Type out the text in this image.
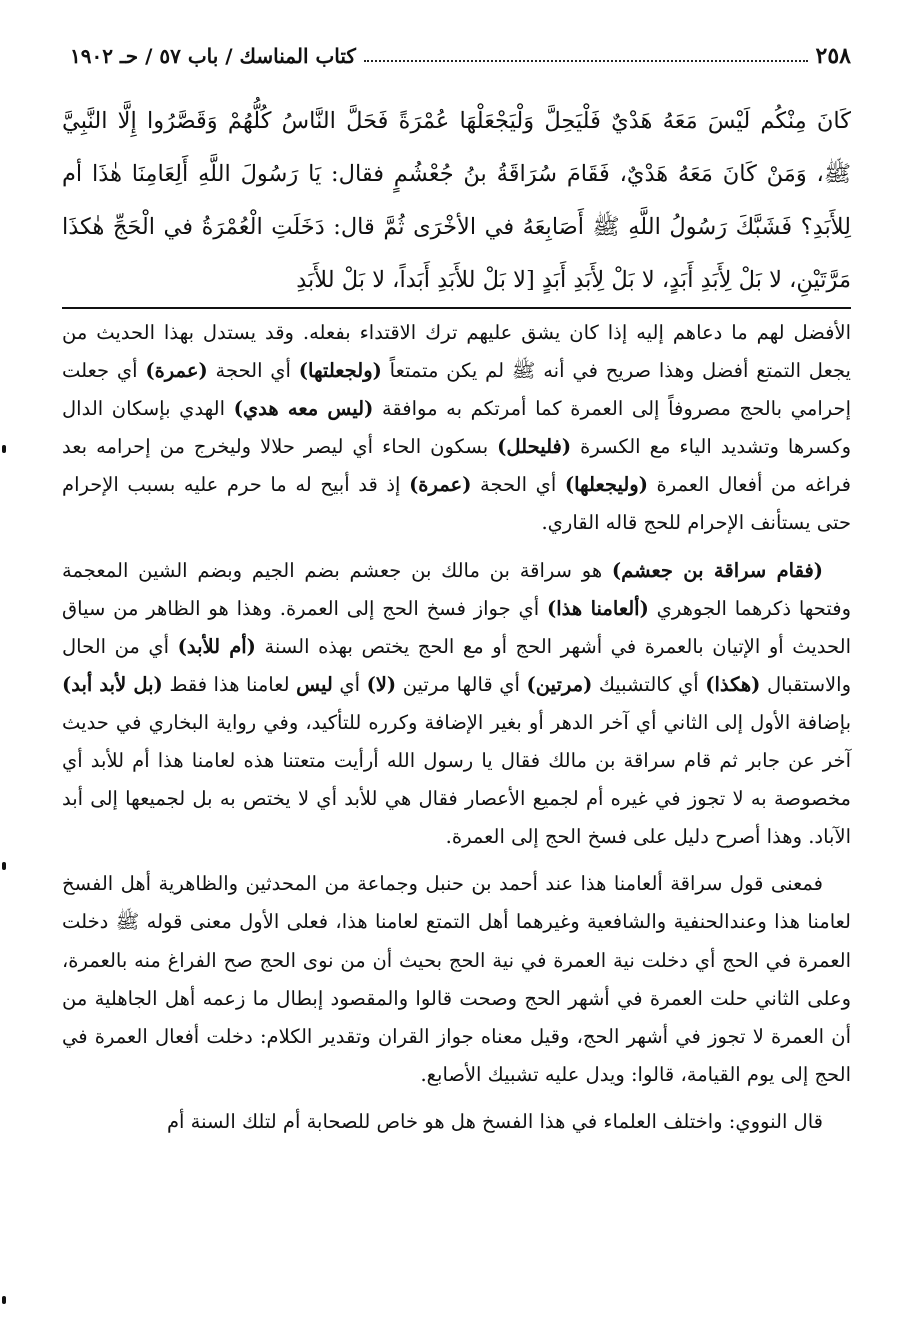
٢٥٨
كتاب المناسك / باب ٥٧ / حـ ١٩٠٢
كَانَ مِنْكُم لَيْسَ مَعَهُ هَدْيٌ فَلْيَحِلَّ وَلْيَجْعَلْهَا عُمْرَةً فَحَلَّ النَّاسُ كُلُّهُمْ وَقَصَّرُوا إِلَّا النَّبِيَّ ﷺ، وَمَنْ كَانَ مَعَهُ هَدْيٌ، فَقَامَ سُرَاقَةُ بنُ جُعْشُمٍ فقال: يَا رَسُولَ اللَّهِ أَلِعَامِنَا هٰذَا أم لِلأَبَدِ؟ فَشَبَّكَ رَسُولُ اللَّهِ ﷺ أَصَابِعَهُ في الأخْرَى ثُمَّ قال: دَخَلَتِ الْعُمْرَةُ في الْحَجِّ هٰكذَا مَرَّتَيْنِ، لا بَلْ لِأَبَدِ أَبَدٍ، لا بَلْ لِأَبَدِ أَبَدٍ [لا بَلْ للأَبَدِ أَبَداً، لا بَلْ للأَبَدِ

الأفضل لهم ما دعاهم إليه إذا كان يشق عليهم ترك الاقتداء بفعله. وقد يستدل بهذا الحديث من يجعل التمتع أفضل وهذا صريح في أنه ﷺ لم يكن متمتعاً (ولجعلتها) أي الحجة (عمرة) أي جعلت إحرامي بالحج مصروفاً إلى العمرة كما أمرتكم به موافقة (ليس معه هدي) الهدي بإسكان الدال وكسرها وتشديد الياء مع الكسرة (فليحلل) بسكون الحاء أي ليصر حلالا وليخرج من إحرامه بعد فراغه من أفعال العمرة (وليجعلها) أي الحجة (عمرة) إذ قد أبيح له ما حرم عليه بسبب الإحرام حتى يستأنف الإحرام للحج قاله القاري.

(فقام سراقة بن جعشم) هو سراقة بن مالك بن جعشم بضم الجيم وبضم الشين المعجمة وفتحها ذكرهما الجوهري (ألعامنا هذا) أي جواز فسخ الحج إلى العمرة. وهذا هو الظاهر من سياق الحديث أو الإتيان بالعمرة في أشهر الحج أو مع الحج يختص بهذه السنة (أم للأبد) أي من الحال والاستقبال (هكذا) أي كالتشبيك (مرتين) أي قالها مرتين (لا) أي ليس لعامنا هذا فقط (بل لأبد أبد) بإضافة الأول إلى الثاني أي آخر الدهر أو بغير الإضافة وكرره للتأكيد، وفي رواية البخاري في حديث آخر عن جابر ثم قام سراقة بن مالك فقال يا رسول الله أرأيت متعتنا هذه لعامنا هذا أم للأبد أي مخصوصة به لا تجوز في غيره أم لجميع الأعصار فقال هي للأبد أي لا يختص به بل لجميعها إلى أبد الآباد. وهذا أصرح دليل على فسخ الحج إلى العمرة.

فمعنى قول سراقة ألعامنا هذا عند أحمد بن حنبل وجماعة من المحدثين والظاهرية أهل الفسخ لعامنا هذا وعندالحنفية والشافعية وغيرهما أهل التمتع لعامنا هذا، فعلى الأول معنى قوله ﷺ دخلت العمرة في الحج أي دخلت نية العمرة في نية الحج بحيث أن من نوى الحج صح الفراغ منه بالعمرة، وعلى الثاني حلت العمرة في أشهر الحج وصحت قالوا والمقصود إبطال ما زعمه أهل الجاهلية من أن العمرة لا تجوز في أشهر الحج، وقيل معناه جواز القران وتقدير الكلام: دخلت أفعال العمرة في الحج إلى يوم القيامة، قالوا: ويدل عليه تشبيك الأصابع.

قال النووي: واختلف العلماء في هذا الفسخ هل هو خاص للصحابة أم لتلك السنة أم
